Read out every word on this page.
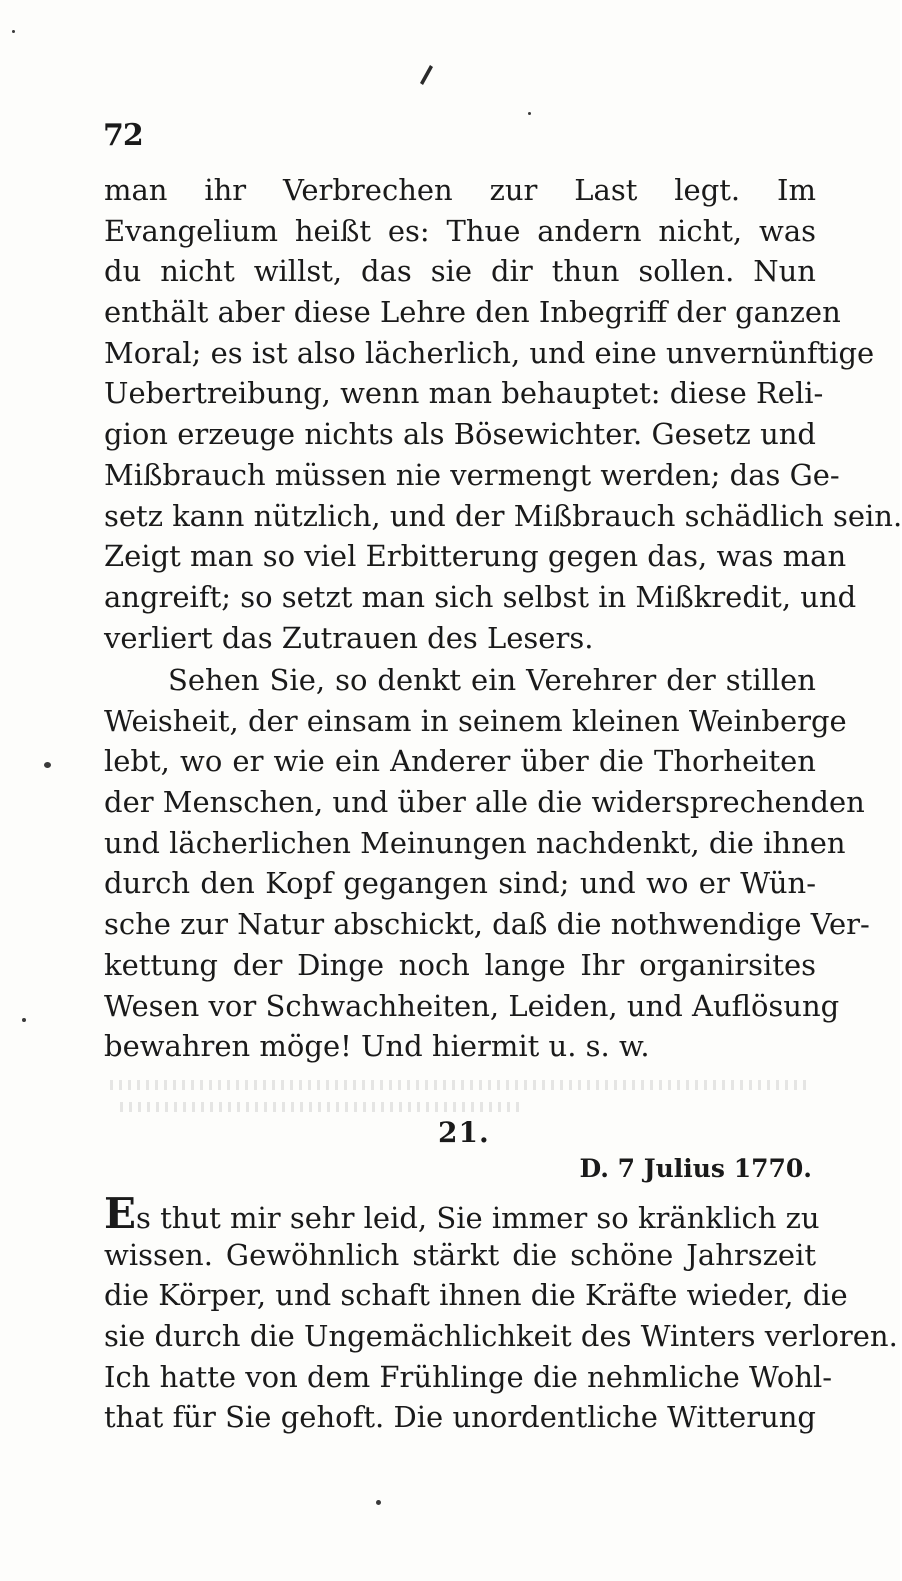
72
man ihr Verbrechen zur Last legt. Im
Evangelium heißt es: Thue andern nicht, was
du nicht willst, das sie dir thun sollen. Nun
enthält aber diese Lehre den Inbegriff der ganzen
Moral; es ist also lächerlich, und eine unvernünftige
Uebertreibung, wenn man behauptet: diese Reli-
gion erzeuge nichts als Bösewichter. Gesetz und
Mißbrauch müssen nie vermengt werden; das Ge-
setz kann nützlich, und der Mißbrauch schädlich sein.
Zeigt man so viel Erbitterung gegen das, was man
angreift; so setzt man sich selbst in Mißkredit, und
verliert das Zutrauen des Lesers.
Sehen Sie, so denkt ein Verehrer der stillen
Weisheit, der einsam in seinem kleinen Weinberge
lebt, wo er wie ein Anderer über die Thorheiten
der Menschen, und über alle die widersprechenden
und lächerlichen Meinungen nachdenkt, die ihnen
durch den Kopf gegangen sind; und wo er Wün-
sche zur Natur abschickt, daß die nothwendige Ver-
kettung der Dinge noch lange Ihr organirsites
Wesen vor Schwachheiten, Leiden, und Auflösung
bewahren möge! Und hiermit u. s. w.
21.
D. 7 Julius 1770.
Es thut mir sehr leid, Sie immer so kränklich zu
wissen. Gewöhnlich stärkt die schöne Jahrszeit
die Körper, und schaft ihnen die Kräfte wieder, die
sie durch die Ungemächlichkeit des Winters verloren.
Ich hatte von dem Frühlinge die nehmliche Wohl-
that für Sie gehoft. Die unordentliche Witterung
